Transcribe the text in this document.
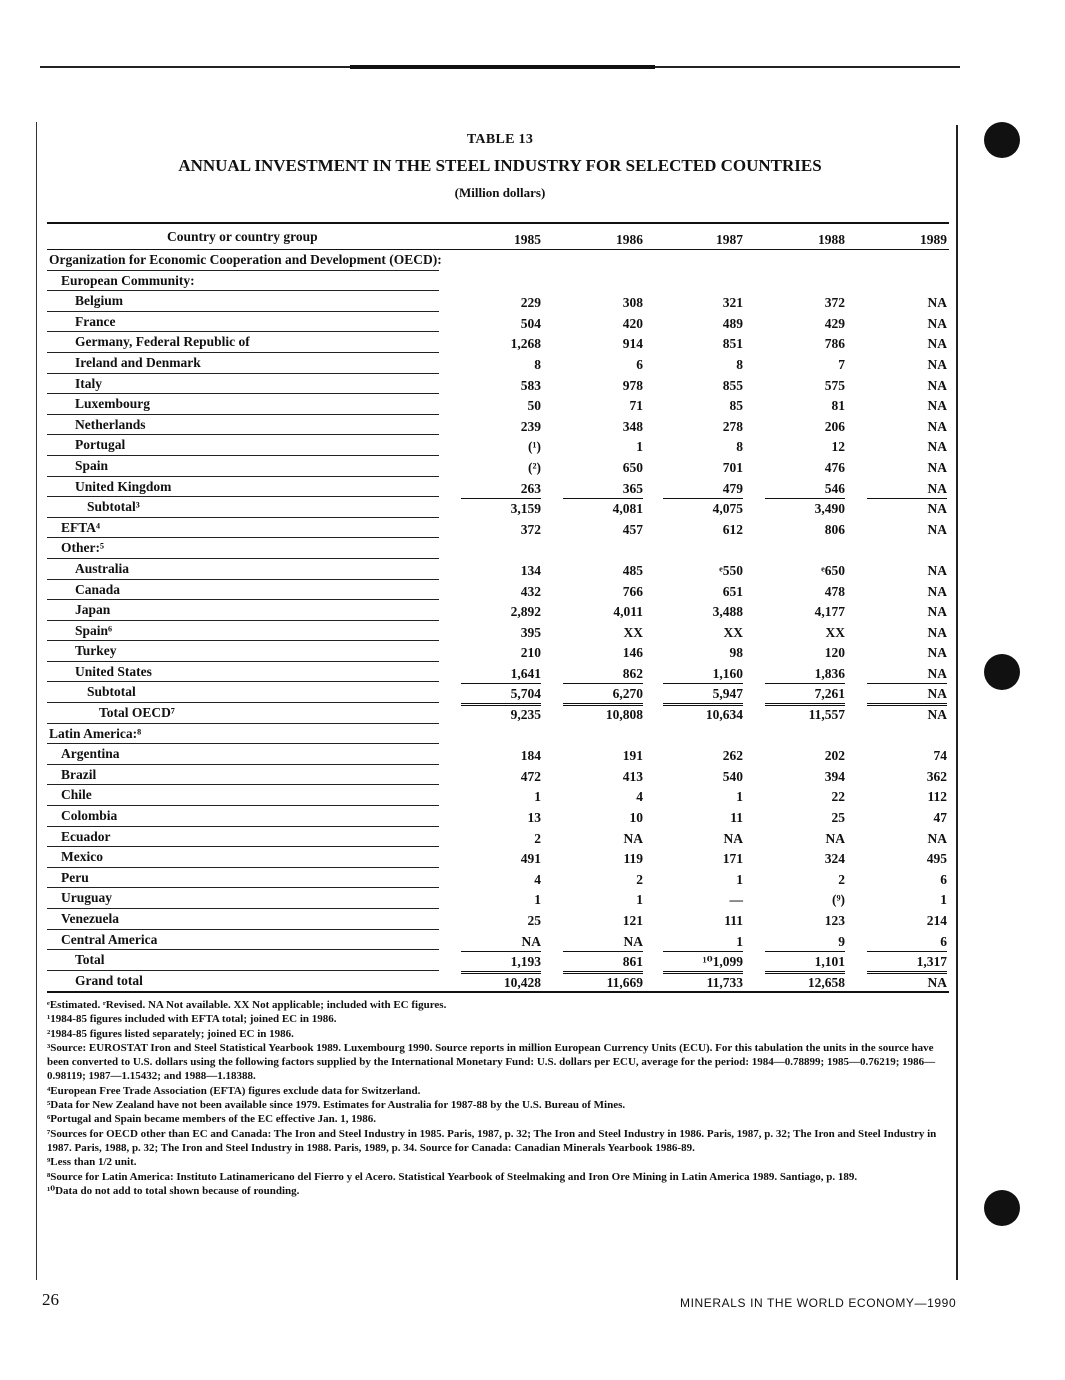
TABLE 13
ANNUAL INVESTMENT IN THE STEEL INDUSTRY FOR SELECTED COUNTRIES
(Million dollars)
Country or country group	1985	1986	1987	1988	1989
Organization for Economic Cooperation and Development (OECD):
European Community:
Belgium	229	308	321	372	NA
France	504	420	489	429	NA
Germany, Federal Republic of	1,268	914	851	786	NA
Ireland and Denmark	8	6	8	7	NA
Italy	583	978	855	575	NA
Luxembourg	50	71	85	81	NA
Netherlands	239	348	278	206	NA
Portugal	(¹)	1	8	12	NA
Spain	(²)	650	701	476	NA
United Kingdom	263	365	479	546	NA
Subtotal³	3,159	4,081	4,075	3,490	NA
EFTA⁴	372	457	612	806	NA
Other:⁵
Australia	134	485	ᵉ550	ᵉ650	NA
Canada	432	766	651	478	NA
Japan	2,892	4,011	3,488	4,177	NA
Spain⁶	395	XX	XX	XX	NA
Turkey	210	146	98	120	NA
United States	1,641	862	1,160	1,836	NA
Subtotal	5,704	6,270	5,947	7,261	NA
Total OECD⁷	9,235	10,808	10,634	11,557	NA
Latin America:⁸
Argentina	184	191	262	202	74
Brazil	472	413	540	394	362
Chile	1	4	1	22	112
Colombia	13	10	11	25	47
Ecuador	2	NA	NA	NA	NA
Mexico	491	119	171	324	495
Peru	4	2	1	2	6
Uruguay	1	1	—	(⁹)	1
Venezuela	25	121	111	123	214
Central America	NA	NA	1	9	6
Total	1,193	861	¹⁰1,099	1,101	1,317
Grand total	10,428	11,669	11,733	12,658	NA

ᵉEstimated. ʳRevised. NA Not available. XX Not applicable; included with EC figures.

¹1984-85 figures included with EFTA total; joined EC in 1986.

²1984-85 figures listed separately; joined EC in 1986.

³Source: EUROSTAT Iron and Steel Statistical Yearbook 1989. Luxembourg 1990. Source reports in million European Currency Units (ECU). For this tabulation the units in the source have been converted to U.S. dollars using the following factors supplied by the International Monetary Fund: U.S. dollars per ECU, average for the period: 1984—0.78899; 1985—0.76219; 1986—0.98119; 1987—1.15432; and 1988—1.18388.

⁴European Free Trade Association (EFTA) figures exclude data for Switzerland.

⁵Data for New Zealand have not been available since 1979. Estimates for Australia for 1987-88 by the U.S. Bureau of Mines.

⁶Portugal and Spain became members of the EC effective Jan. 1, 1986.

⁷Sources for OECD other than EC and Canada: The Iron and Steel Industry in 1985. Paris, 1987, p. 32; The Iron and Steel Industry in 1986. Paris, 1987, p. 32; The Iron and Steel Industry in 1987. Paris, 1988, p. 32; The Iron and Steel Industry in 1988. Paris, 1989, p. 34. Source for Canada: Canadian Minerals Yearbook 1986-89.

⁹Less than 1/2 unit.

⁸Source for Latin America: Instituto Latinamericano del Fierro y el Acero. Statistical Yearbook of Steelmaking and Iron Ore Mining in Latin America 1989. Santiago, p. 189.

¹⁰Data do not add to total shown because of rounding.

26	MINERALS IN THE WORLD ECONOMY—1990
